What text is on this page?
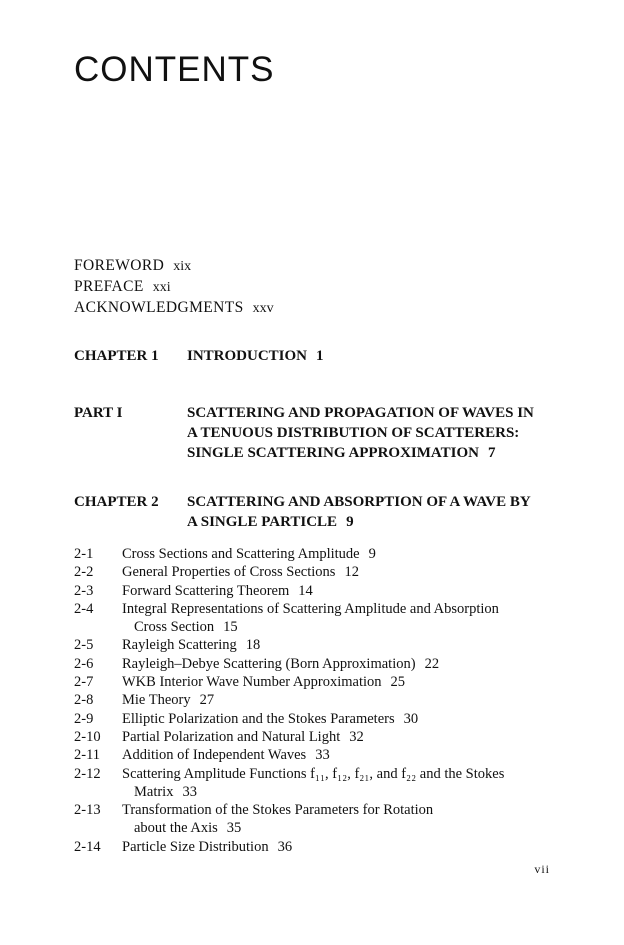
CONTENTS
FOREWORD xix
PREFACE xxi
ACKNOWLEDGMENTS xxv
CHAPTER 1 INTRODUCTION 1
PART I	SCATTERING AND PROPAGATION OF WAVES IN
A TENUOUS DISTRIBUTION OF SCATTERERS:
SINGLE SCATTERING APPROXIMATION 7
CHAPTER 2 SCATTERING AND ABSORPTION OF A WAVE BY
A SINGLE PARTICLE 9
2-1 Cross Sections and Scattering Amplitude 9
2-2 General Properties of Cross Sections 12
2-3 Forward Scattering Theorem 14
2-4 Integral Representations of Scattering Amplitude and Absorption
Cross Section 15
2-5 Rayleigh Scattering 18
2-6 Rayleigh–Debye Scattering (Born Approximation) 22
2-7 WKB Interior Wave Number Approximation 25
2-8 Mie Theory 27
2-9 Elliptic Polarization and the Stokes Parameters 30
2-10 Partial Polarization and Natural Light 32
2-11 Addition of Independent Waves 33
2-12 Scattering Amplitude Functions f₁₁, f₁₂, f₂₁, and f₂₂ and the Stokes
Matrix 33
2-13 Transformation of the Stokes Parameters for Rotation
about the Axis 35
2-14 Particle Size Distribution 36
vii
